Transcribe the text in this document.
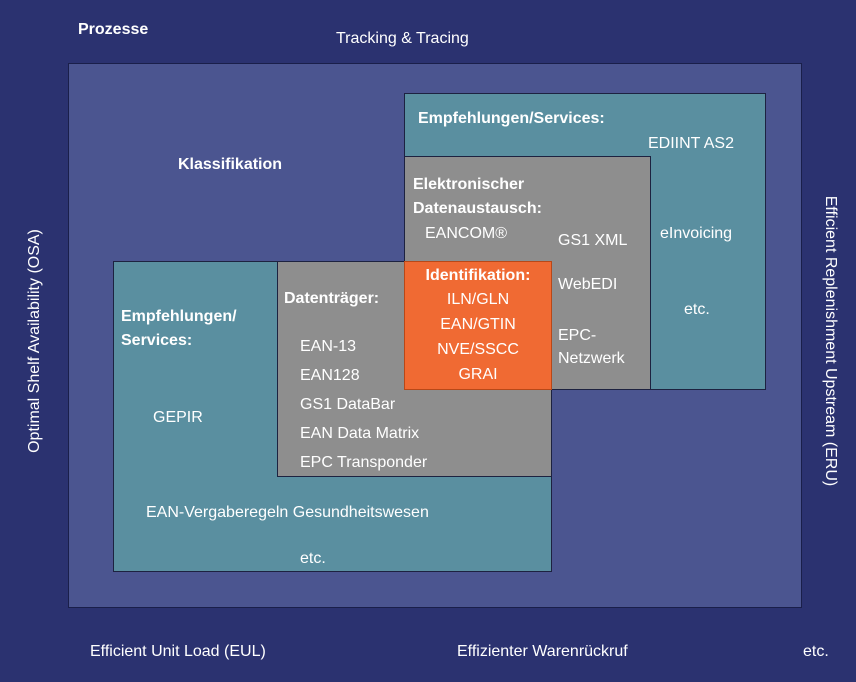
Prozesse
Tracking & Tracing
Optimal Shelf Availability (OSA)	Efficient Replenishment Upstream (ERU)
Klassifikation
Empfehlungen/Services:
EDIINT AS2
eInvoicing
etc.
Elektronischer
Datenaustausch:
EANCOM®	GS1 XML
WebEDI
EPC-
Netzwerk
Empfehlungen/
Services:
GEPIR
EAN-Vergaberegeln Gesundheitswesen
etc.
Datenträger:
EAN-13
EAN128
GS1 DataBar
EAN Data Matrix
EPC Transponder
Identifikation:
ILN/GLN
EAN/GTIN
NVE/SSCC
GRAI
Efficient Unit Load (EUL)	Effizienter Warenrückruf	etc.
